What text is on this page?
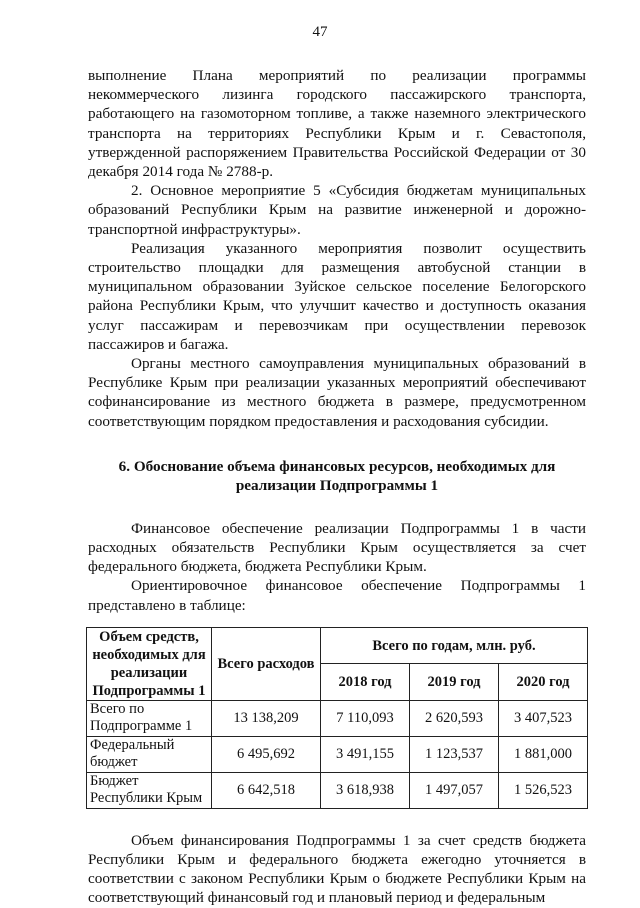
47

выполнение Плана мероприятий по реализации программы некоммерческого лизинга городского пассажирского транспорта, работающего на газомоторном топливе, а также наземного электрического транспорта на территориях Республики Крым и г. Севастополя, утвержденной распоряжением Правительства Российской Федерации от 30 декабря 2014 года № 2788-р.

2. Основное мероприятие 5 «Субсидия бюджетам муниципальных образований Республики Крым на развитие инженерной и дорожно-транспортной инфраструктуры».

Реализация указанного мероприятия позволит осуществить строительство площадки для размещения автобусной станции в муниципальном образовании Зуйское сельское поселение Белогорского района Республики Крым, что улучшит качество и доступность оказания услуг пассажирам и перевозчикам при осуществлении перевозок пассажиров и багажа.

Органы местного самоуправления муниципальных образований в Республике Крым при реализации указанных мероприятий обеспечивают софинансирование из местного бюджета в размере, предусмотренном соответствующим порядком предоставления и расходования субсидии.

6. Обоснование объема финансовых ресурсов, необходимых для реализации Подпрограммы 1

Финансовое обеспечение реализации Подпрограммы 1 в части расходных обязательств Республики Крым осуществляется за счет федерального бюджета, бюджета Республики Крым.

Ориентировочное финансовое обеспечение Подпрограммы 1 представлено в таблице:

Объем средств, необходимых для реализации Подпрограммы 1	Всего расходов	Всего по годам, млн. руб.		
		2018 год	2019 год	2020 год
Всего по Подпрограмме 1	13 138,209	7 110,093	2 620,593	3 407,523
Федеральный бюджет	6 495,692	3 491,155	1 123,537	1 881,000
Бюджет Республики Крым	6 642,518	3 618,938	1 497,057	1 526,523

Объем финансирования Подпрограммы 1 за счет средств бюджета Республики Крым и федерального бюджета ежегодно уточняется в соответствии с законом Республики Крым о бюджете Республики Крым на соответствующий финансовый год и плановый период и федеральным
